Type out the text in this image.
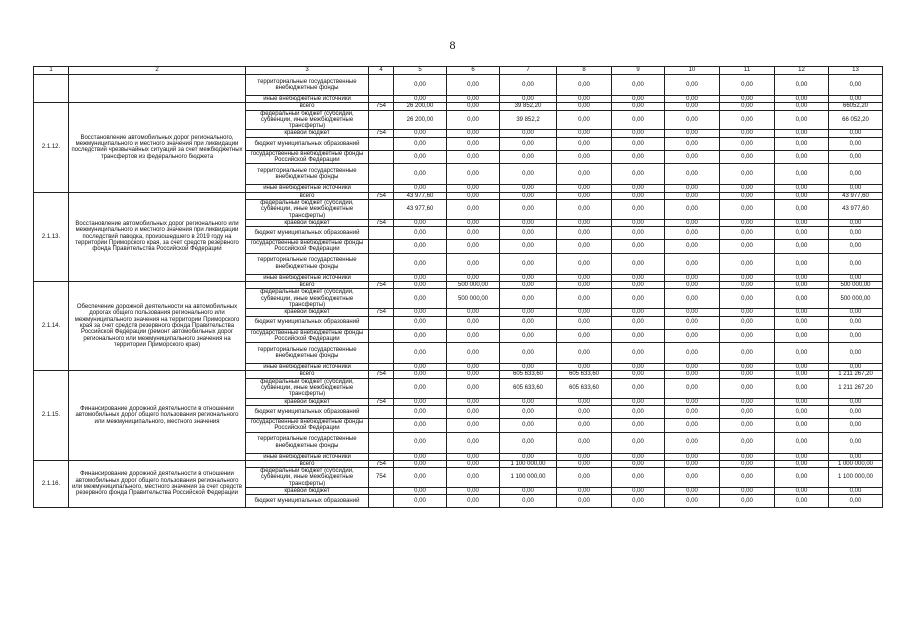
8
1	2	3	4	5	6	7	8	9	10	11	12	13
		территориальные государственные внебюджетные фонды		0,00	0,00	0,00	0,00	0,00	0,00	0,00	0,00	0,00
		иные внебюджетные источники		0,00	0,00	0,00	0,00	0,00	0,00	0,00	0,00	0,00
2.1.12.	Восстановление автомобильных дорог регионального, межмуниципального и местного значения при ликвидации последствий чрезвычайных ситуаций за счет межбюджетных трансфертов из федерального бюджета	всего	754	26 200,00	0,00	39 852,20	0,00	0,00	0,00	0,00	0,00	66052,20
		федеральный бюджет (субсидии, субвенции, иные межбюджетные трансферты)		26 200,00	0,00	39 852,2	0,00	0,00	0,00	0,00	0,00	66 052,20
		краевой бюджет	754	0,00	0,00	0,00	0,00	0,00	0,00	0,00	0,00	0,00
		бюджет муниципальных образований		0,00	0,00	0,00	0,00	0,00	0,00	0,00	0,00	0,00
		государственные внебюджетные фонды Российской Федерации		0,00	0,00	0,00	0,00	0,00	0,00	0,00	0,00	0,00
		территориальные государственные внебюджетные фонды		0,00	0,00	0,00	0,00	0,00	0,00	0,00	0,00	0,00
		иные внебюджетные источники		0,00	0,00	0,00	0,00	0,00	0,00	0,00	0,00	0,00
2.1.13.	Восстановление автомобильных дорог регионального или межмуниципального и местного значения при ликвидации последствий паводка, произошедшего в 2019 году на территории Приморского края, за счет средств резервного фонда Правительства Российской Федерации	всего	754	43 977,60	0,00	0,00	0,00	0,00	0,00	0,00	0,00	43 977,60
		федеральный бюджет (субсидии, субвенции, иные межбюджетные трансферты)		43 977,60	0,00	0,00	0,00	0,00	0,00	0,00	0,00	43 977,60
		краевой бюджет	754	0,00	0,00	0,00	0,00	0,00	0,00	0,00	0,00	0,00
		бюджет муниципальных образований		0,00	0,00	0,00	0,00	0,00	0,00	0,00	0,00	0,00
		государственные внебюджетные фонды Российской Федерации		0,00	0,00	0,00	0,00	0,00	0,00	0,00	0,00	0,00
		территориальные государственные внебюджетные фонды		0,00	0,00	0,00	0,00	0,00	0,00	0,00	0,00	0,00
		иные внебюджетные источники		0,00	0,00	0,00	0,00	0,00	0,00	0,00	0,00	0,00
2.1.14.	Обеспечение дорожной деятельности на автомобильных дорогах общего пользования регионального или межмуниципального значения на территории Приморского края за счет средств резервного фонда Правительства Российской Федерации (ремонт автомобильных дорог регионального или межмуниципального значения на территории Приморского края)	всего	754	0,00	500 000,00	0,00	0,00	0,00	0,00	0,00	0,00	500 000,00
		федеральный бюджет (субсидии, субвенции, иные межбюджетные трансферты)		0,00	500 000,00	0,00	0,00	0,00	0,00	0,00	0,00	500 000,00
		краевой бюджет	754	0,00	0,00	0,00	0,00	0,00	0,00	0,00	0,00	0,00
		бюджет муниципальных образований		0,00	0,00	0,00	0,00	0,00	0,00	0,00	0,00	0,00
		государственные внебюджетные фонды Российской Федерации		0,00	0,00	0,00	0,00	0,00	0,00	0,00	0,00	0,00
		территориальные государственные внебюджетные фонды		0,00	0,00	0,00	0,00	0,00	0,00	0,00	0,00	0,00
		иные внебюджетные источники		0,00	0,00	0,00	0,00	0,00	0,00	0,00	0,00	0,00
2.1.15.	Финансирование дорожной деятельности в отношении автомобильных дорог общего пользования регионального или межмуниципального, местного значения	всего	754	0,00	0,00	605 633,60	605 633,60	0,00	0,00	0,00	0,00	1 211 267,20
		федеральный бюджет (субсидии, субвенции, иные межбюджетные трансферты)		0,00	0,00	605 633,60	605 633,60	0,00	0,00	0,00	0,00	1 211 267,20
		краевой бюджет	754	0,00	0,00	0,00	0,00	0,00	0,00	0,00	0,00	0,00
		бюджет муниципальных образований		0,00	0,00	0,00	0,00	0,00	0,00	0,00	0,00	0,00
		государственные внебюджетные фонды Российской Федерации		0,00	0,00	0,00	0,00	0,00	0,00	0,00	0,00	0,00
		территориальные государственные внебюджетные фонды		0,00	0,00	0,00	0,00	0,00	0,00	0,00	0,00	0,00
		иные внебюджетные источники		0,00	0,00	0,00	0,00	0,00	0,00	0,00	0,00	0,00
2.1.16.	Финансирование дорожной деятельности в отношении автомобильных дорог общего пользования регионального или межмуниципального, местного значения за счет средств резервного фонда Правительства Российской Федерации	всего	754	0,00	0,00	1 100 000,00	0,00	0,00	0,00	0,00	0,00	1 000 000,00
		федеральный бюджет (субсидии, субвенции, иные межбюджетные трансферты)	754	0,00	0,00	1 100 000,00	0,00	0,00	0,00	0,00	0,00	1 100 000,00
		краевой бюджет		0,00	0,00	0,00	0,00	0,00	0,00	0,00	0,00	0,00
		бюджет муниципальных образований		0,00	0,00	0,00	0,00	0,00	0,00	0,00	0,00	0,00
